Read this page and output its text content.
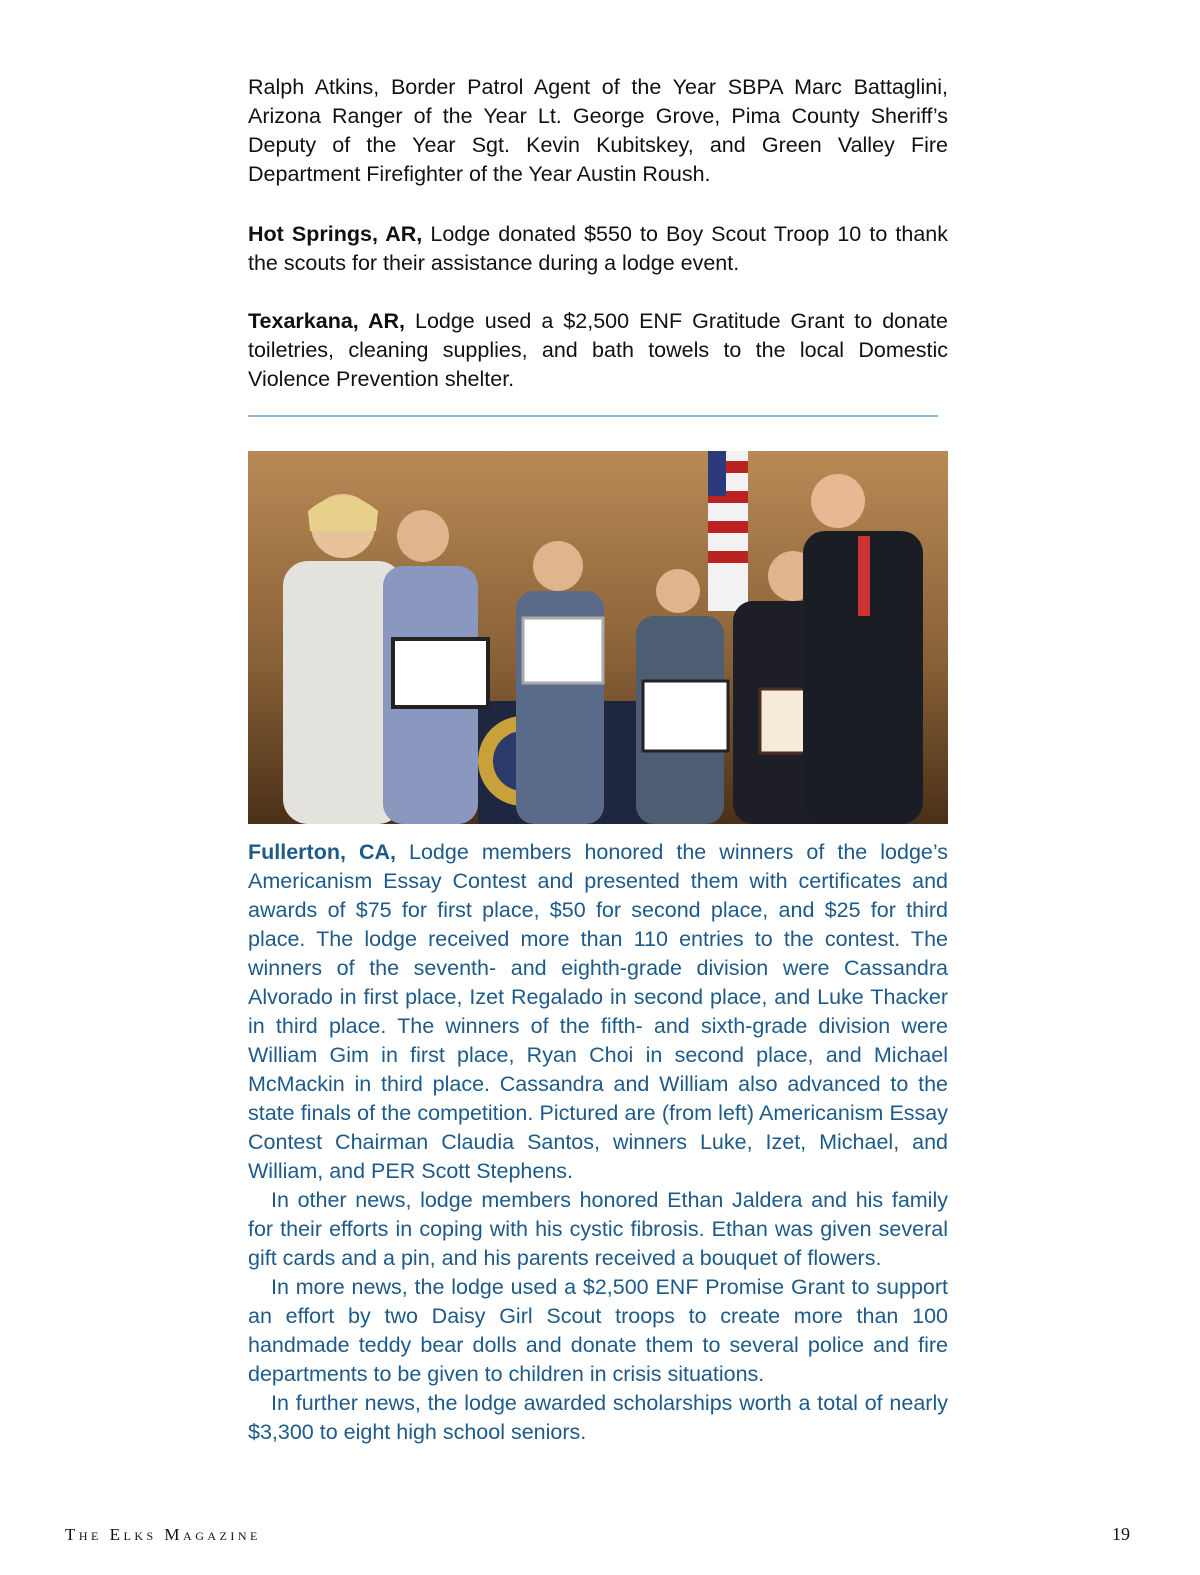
Ralph Atkins, Border Patrol Agent of the Year SBPA Marc Battaglini, Arizona Ranger of the Year Lt. George Grove, Pima County Sheriff’s Deputy of the Year Sgt. Kevin Kubitskey, and Green Valley Fire Department Firefighter of the Year Austin Roush.

Hot Springs, AR, Lodge donated $550 to Boy Scout Troop 10 to thank the scouts for their assistance during a lodge event.

Texarkana, AR, Lodge used a $2,500 ENF Gratitude Grant to donate toiletries, cleaning supplies, and bath towels to the local Domestic Violence Prevention shelter.

Fullerton, CA, Lodge members honored the winners of the lodge’s Americanism Essay Contest and presented them with certificates and awards of $75 for first place, $50 for second place, and $25 for third place. The lodge received more than 110 entries to the contest. The winners of the seventh- and eighth-grade division were Cassandra Alvorado in first place, Izet Regalado in second place, and Luke Thacker in third place. The winners of the fifth- and sixth-grade division were William Gim in first place, Ryan Choi in second place, and Michael McMackin in third place. Cassandra and William also advanced to the state finals of the competition. Pictured are (from left) Americanism Essay Contest Chairman Claudia Santos, winners Luke, Izet, Michael, and William, and PER Scott Stephens.

In other news, lodge members honored Ethan Jaldera and his family for their efforts in coping with his cystic fibrosis. Ethan was given several gift cards and a pin, and his parents received a bouquet of flowers.

In more news, the lodge used a $2,500 ENF Promise Grant to support an effort by two Daisy Girl Scout troops to create more than 100 handmade teddy bear dolls and donate them to several police and fire departments to be given to children in crisis situations.

In further news, the lodge awarded scholarships worth a total of nearly $3,300 to eight high school seniors.

The Elks Magazine	19
